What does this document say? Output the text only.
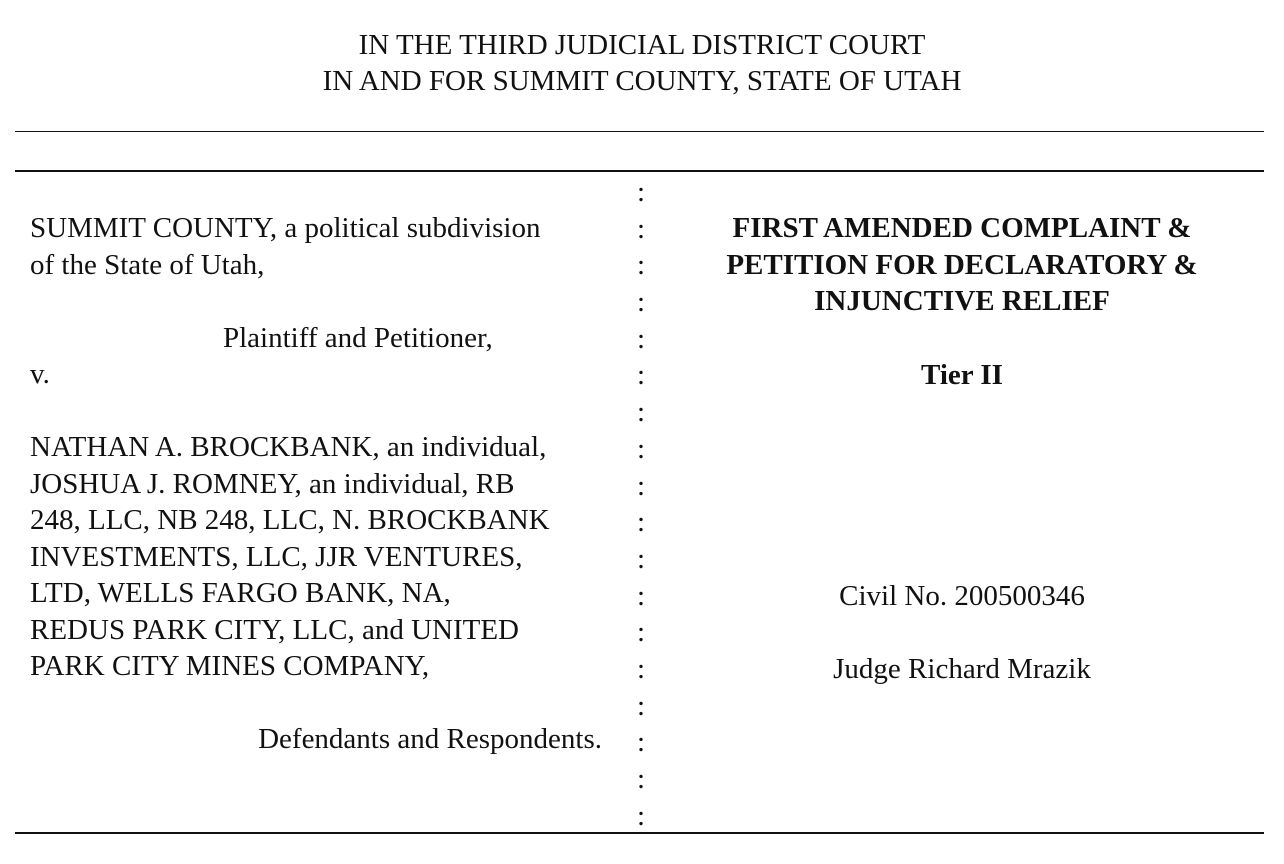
IN THE THIRD JUDICIAL DISTRICT COURT
IN AND FOR SUMMIT COUNTY, STATE OF UTAH
SUMMIT COUNTY, a political subdivision
of the State of Utah,
Plaintiff and Petitioner,
v.
NATHAN A. BROCKBANK, an individual,
JOSHUA J. ROMNEY, an individual, RB
248, LLC, NB 248, LLC, N. BROCKBANK
INVESTMENTS, LLC, JJR VENTURES,
LTD, WELLS FARGO BANK, NA,
REDUS PARK CITY, LLC, and UNITED
PARK CITY MINES COMPANY,
Defendants and Respondents.
:
:
:
:
:
:
:
:
:
:
:
:
:
:
:
:
:
:
FIRST AMENDED COMPLAINT &
PETITION FOR DECLARATORY &
INJUNCTIVE RELIEF
Tier II
Civil No. 200500346
Judge Richard Mrazik
